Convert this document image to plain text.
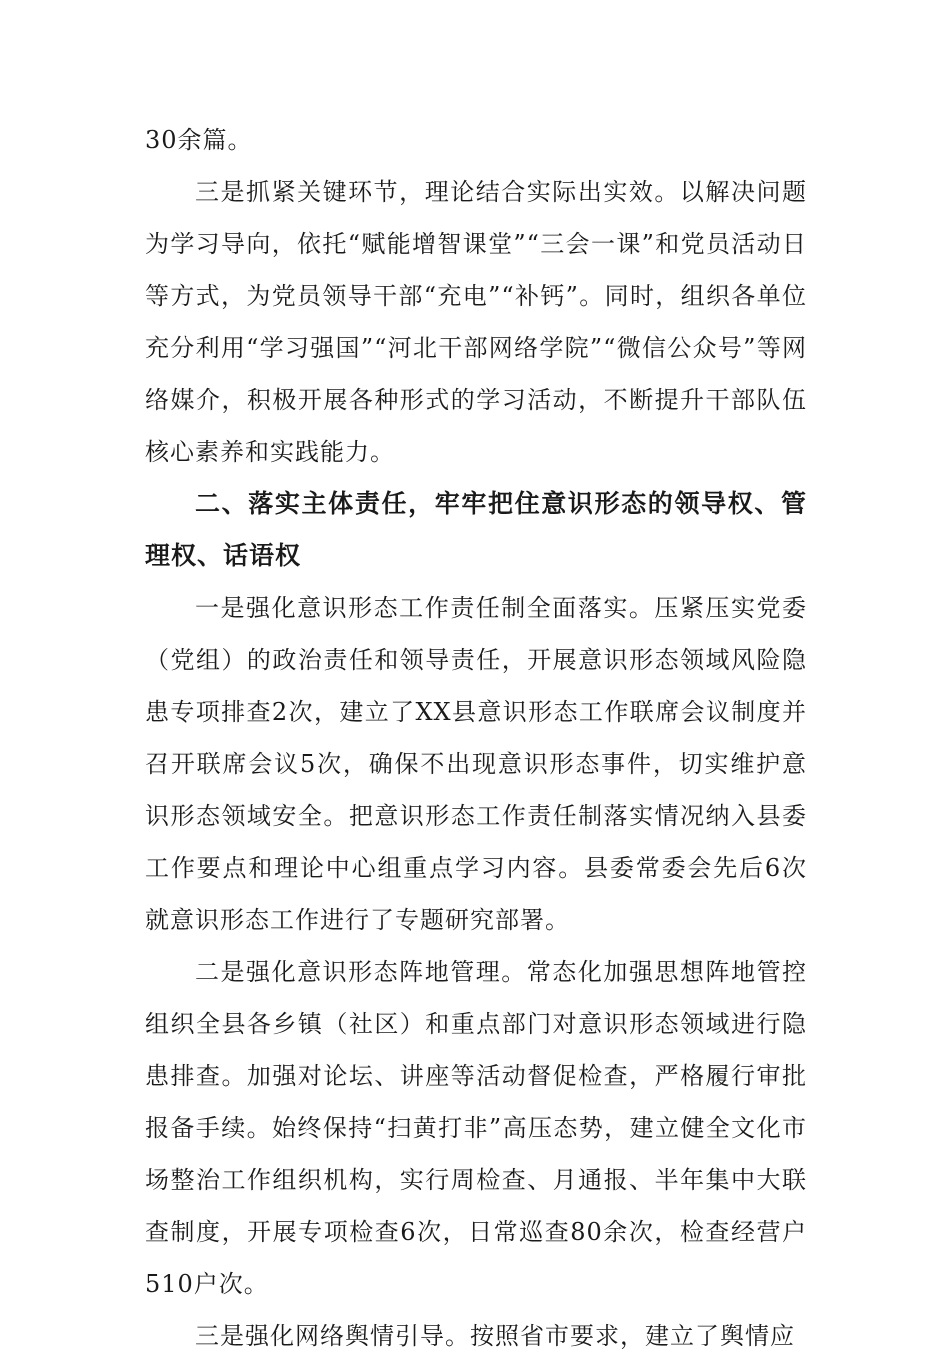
30余篇。

三是抓紧关键环节，理论结合实际出实效。以解决问题为学习导向，依托“赋能增智课堂”“三会一课”和党员活动日等方式，为党员领导干部“充电”“补钙”。同时，组织各单位充分利用“学习强国”“河北干部网络学院”“微信公众号”等网络媒介，积极开展各种形式的学习活动，不断提升干部队伍核心素养和实践能力。

二、落实主体责任，牢牢把住意识形态的领导权、管理权、话语权

一是强化意识形态工作责任制全面落实。压紧压实党委（党组）的政治责任和领导责任，开展意识形态领域风险隐患专项排查2次，建立了XX县意识形态工作联席会议制度并召开联席会议5次，确保不出现意识形态事件，切实维护意识形态领域安全。把意识形态工作责任制落实情况纳入县委工作要点和理论中心组重点学习内容。县委常委会先后6次就意识形态工作进行了专题研究部署。

二是强化意识形态阵地管理。常态化加强思想阵地管控组织全县各乡镇（社区）和重点部门对意识形态领域进行隐患排查。加强对论坛、讲座等活动督促检查，严格履行审批报备手续。始终保持“扫黄打非”高压态势，建立健全文化市场整治工作组织机构，实行周检查、月通报、半年集中大联查制度，开展专项检查6次，日常巡查80余次，检查经营户510户次。

三是强化网络舆情引导。按照省市要求，建立了舆情应
